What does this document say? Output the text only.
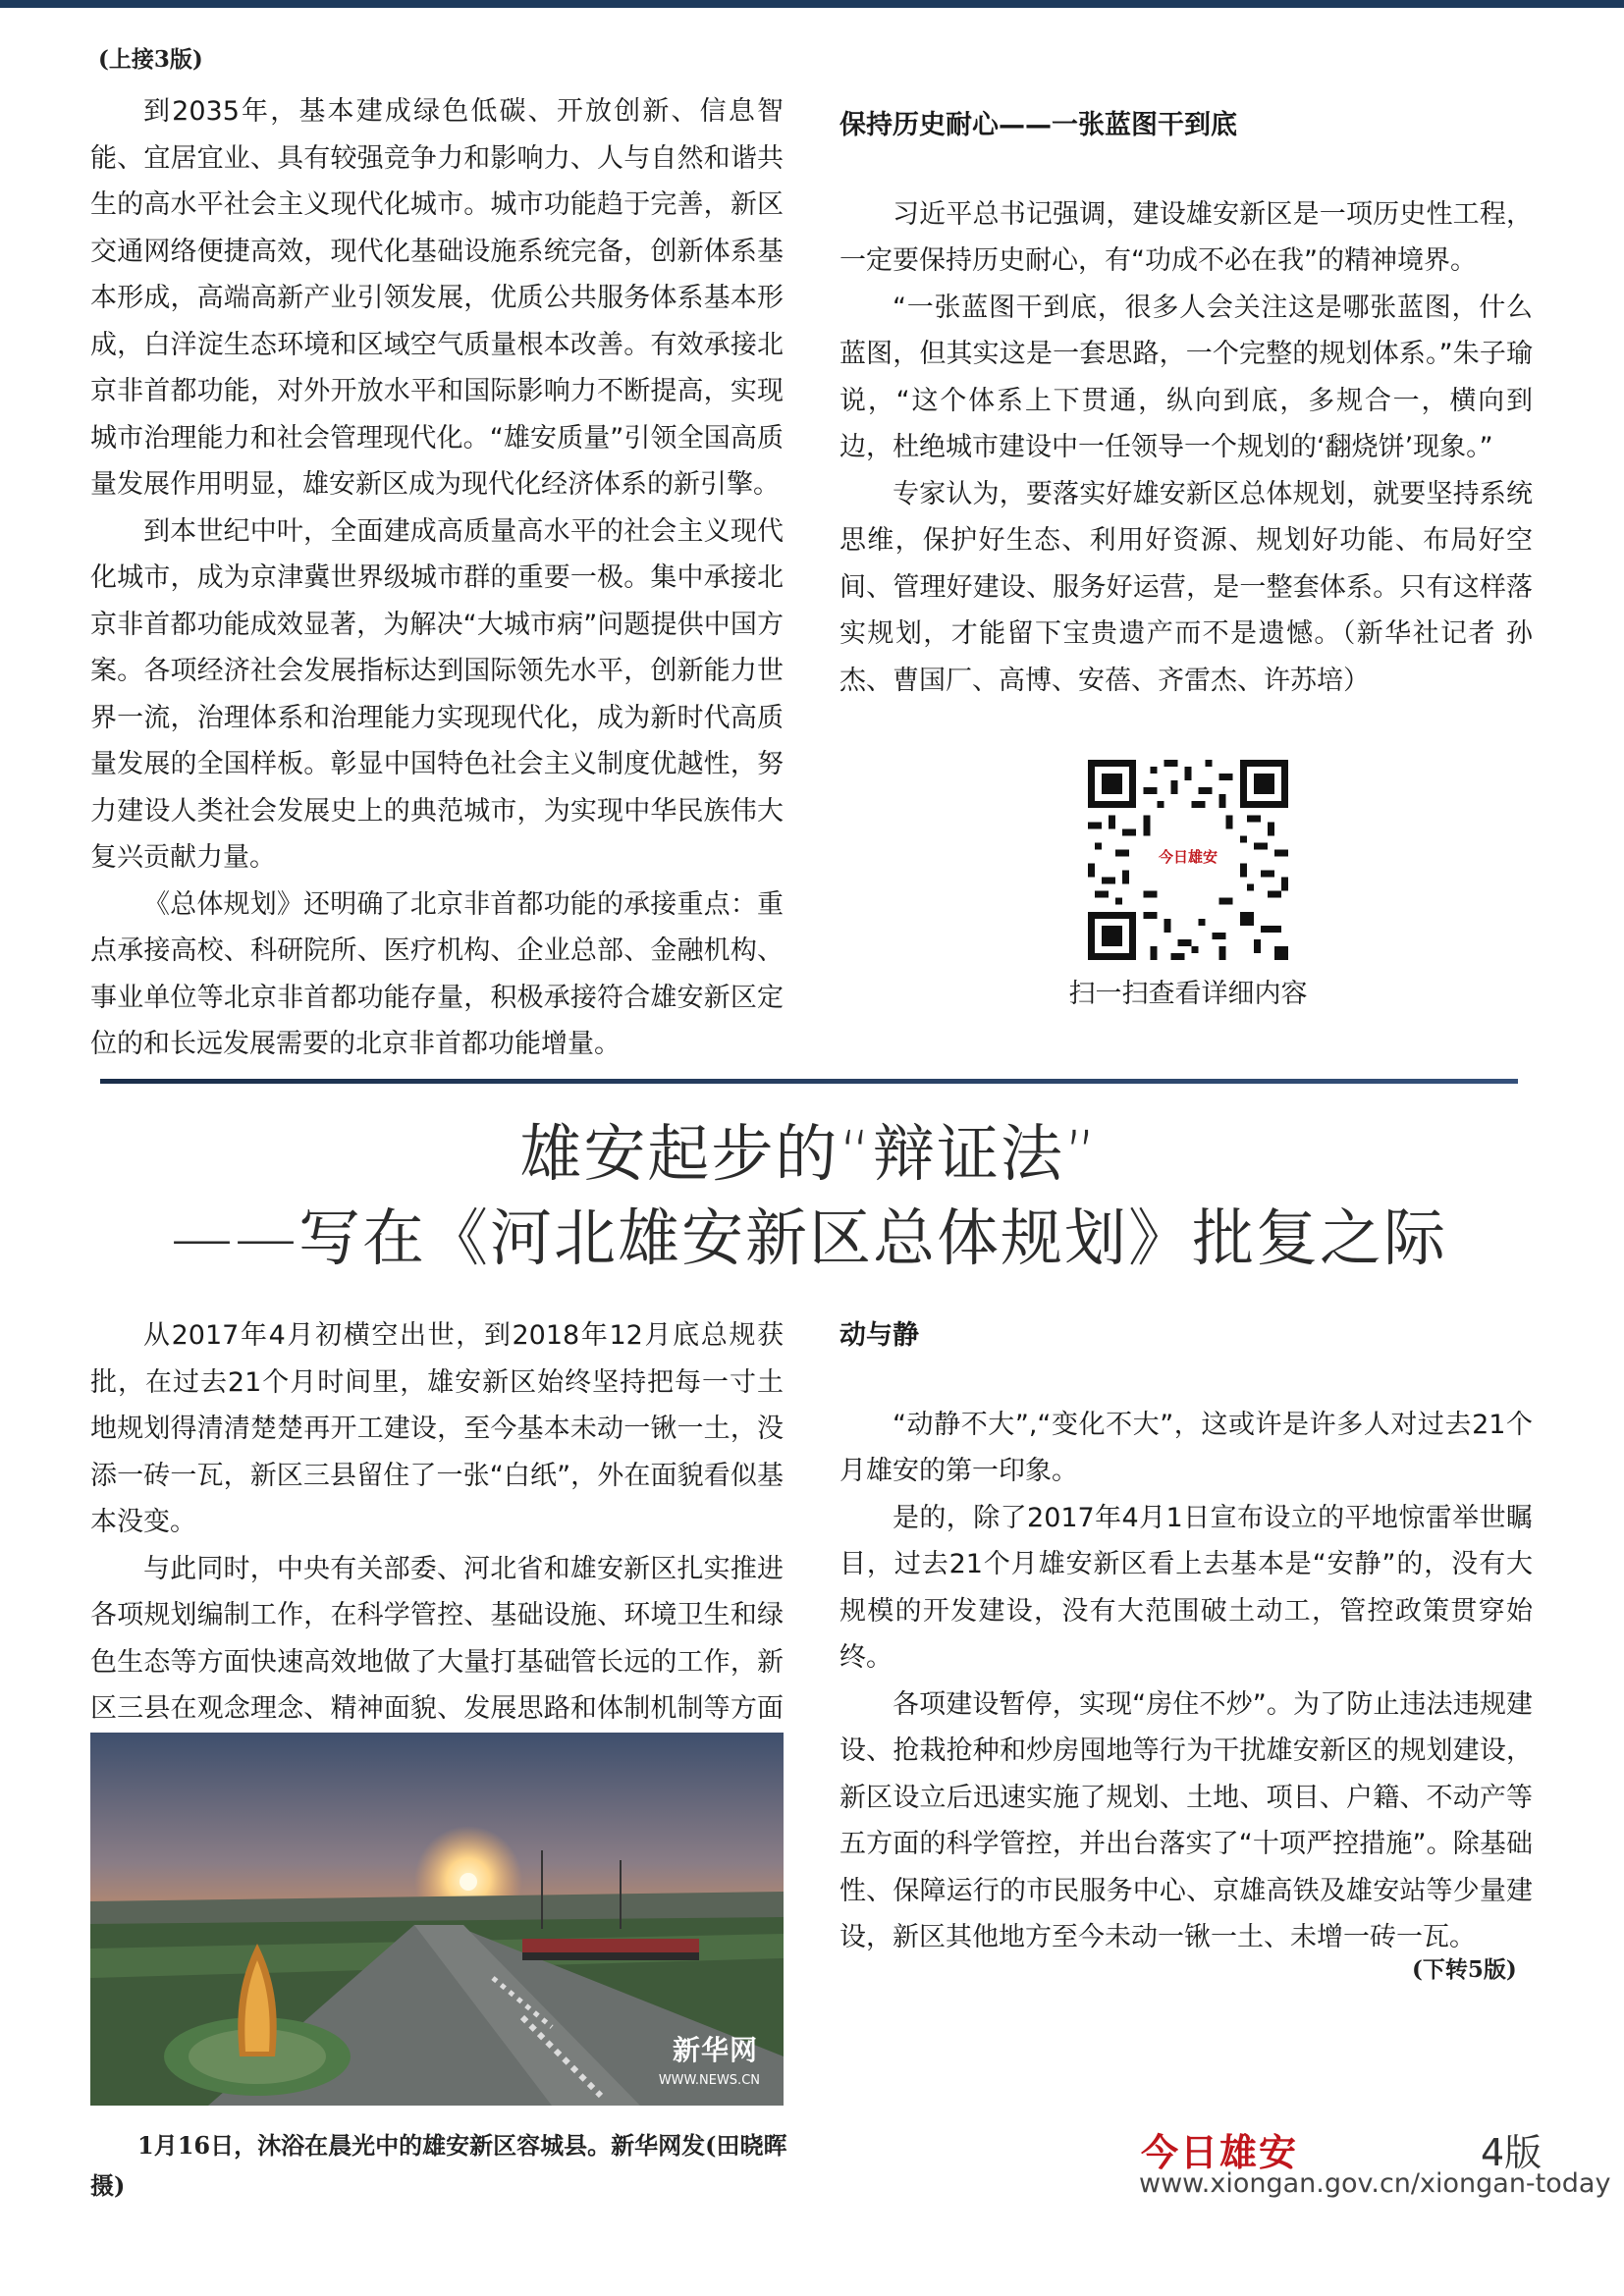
(上接3版)

到2035年，基本建成绿色低碳、开放创新、信息智能、宜居宜业、具有较强竞争力和影响力、人与自然和谐共生的高水平社会主义现代化城市。城市功能趋于完善，新区交通网络便捷高效，现代化基础设施系统完备，创新体系基本形成，高端高新产业引领发展，优质公共服务体系基本形成，白洋淀生态环境和区域空气质量根本改善。有效承接北京非首都功能，对外开放水平和国际影响力不断提高，实现城市治理能力和社会管理现代化。“雄安质量”引领全国高质量发展作用明显，雄安新区成为现代化经济体系的新引擎。

到本世纪中叶，全面建成高质量高水平的社会主义现代化城市，成为京津冀世界级城市群的重要一极。集中承接北京非首都功能成效显著，为解决“大城市病”问题提供中国方案。各项经济社会发展指标达到国际领先水平，创新能力世界一流，治理体系和治理能力实现现代化，成为新时代高质量发展的全国样板。彰显中国特色社会主义制度优越性，努力建设人类社会发展史上的典范城市，为实现中华民族伟大复兴贡献力量。

《总体规划》还明确了北京非首都功能的承接重点：重点承接高校、科研院所、医疗机构、企业总部、金融机构、事业单位等北京非首都功能存量，积极承接符合雄安新区定位的和长远发展需要的北京非首都功能增量。

保持历史耐心——一张蓝图干到底

习近平总书记强调，建设雄安新区是一项历史性工程，一定要保持历史耐心，有“功成不必在我”的精神境界。

“一张蓝图干到底，很多人会关注这是哪张蓝图，什么蓝图，但其实这是一套思路，一个完整的规划体系。”朱子瑜说，“这个体系上下贯通，纵向到底，多规合一，横向到边，杜绝城市建设中一任领导一个规划的‘翻烧饼’现象。”

专家认为，要落实好雄安新区总体规划，就要坚持系统思维，保护好生态、利用好资源、规划好功能、布局好空间、管理好建设、服务好运营，是一整套体系。只有这样落实规划，才能留下宝贵遗产而不是遗憾。（新华社记者 孙杰、曹国厂、高博、安蓓、齐雷杰、许苏培）

今日雄安
扫一扫查看详细内容
雄安起步的“辩证法”
——写在《河北雄安新区总体规划》批复之际

从2017年4月初横空出世，到2018年12月底总规获批，在过去21个月时间里，雄安新区始终坚持把每一寸土地规划得清清楚楚再开工建设，至今基本未动一锹一土，没添一砖一瓦，新区三县留住了一张“白纸”，外在面貌看似基本没变。

与此同时，中央有关部委、河北省和雄安新区扎实推进各项规划编制工作，在科学管控、基础设施、环境卫生和绿色生态等方面快速高效地做了大量打基础管长远的工作，新区三县在观念理念、精神面貌、发展思路和体制机制等方面

新华网
WWW.NEWS.CN
1月16日，沐浴在晨光中的雄安新区容城县。新华网发(田晓晖 摄)
动与静

“动静不大”,“变化不大”，这或许是许多人对过去21个月雄安的第一印象。

是的，除了2017年4月1日宣布设立的平地惊雷举世瞩目，过去21个月雄安新区看上去基本是“安静”的，没有大规模的开发建设，没有大范围破土动工，管控政策贯穿始终。

各项建设暂停，实现“房住不炒”。为了防止违法违规建设、抢栽抢种和炒房囤地等行为干扰雄安新区的规划建设，新区设立后迅速实施了规划、土地、项目、户籍、不动产等五方面的科学管控，并出台落实了“十项严控措施”。除基础性、保障运行的市民服务中心、京雄高铁及雄安站等少量建设，新区其他地方至今未动一锹一土、未增一砖一瓦。

(下转5版)
今日雄安	4版
www.xiongan.gov.cn/xiongan-today
